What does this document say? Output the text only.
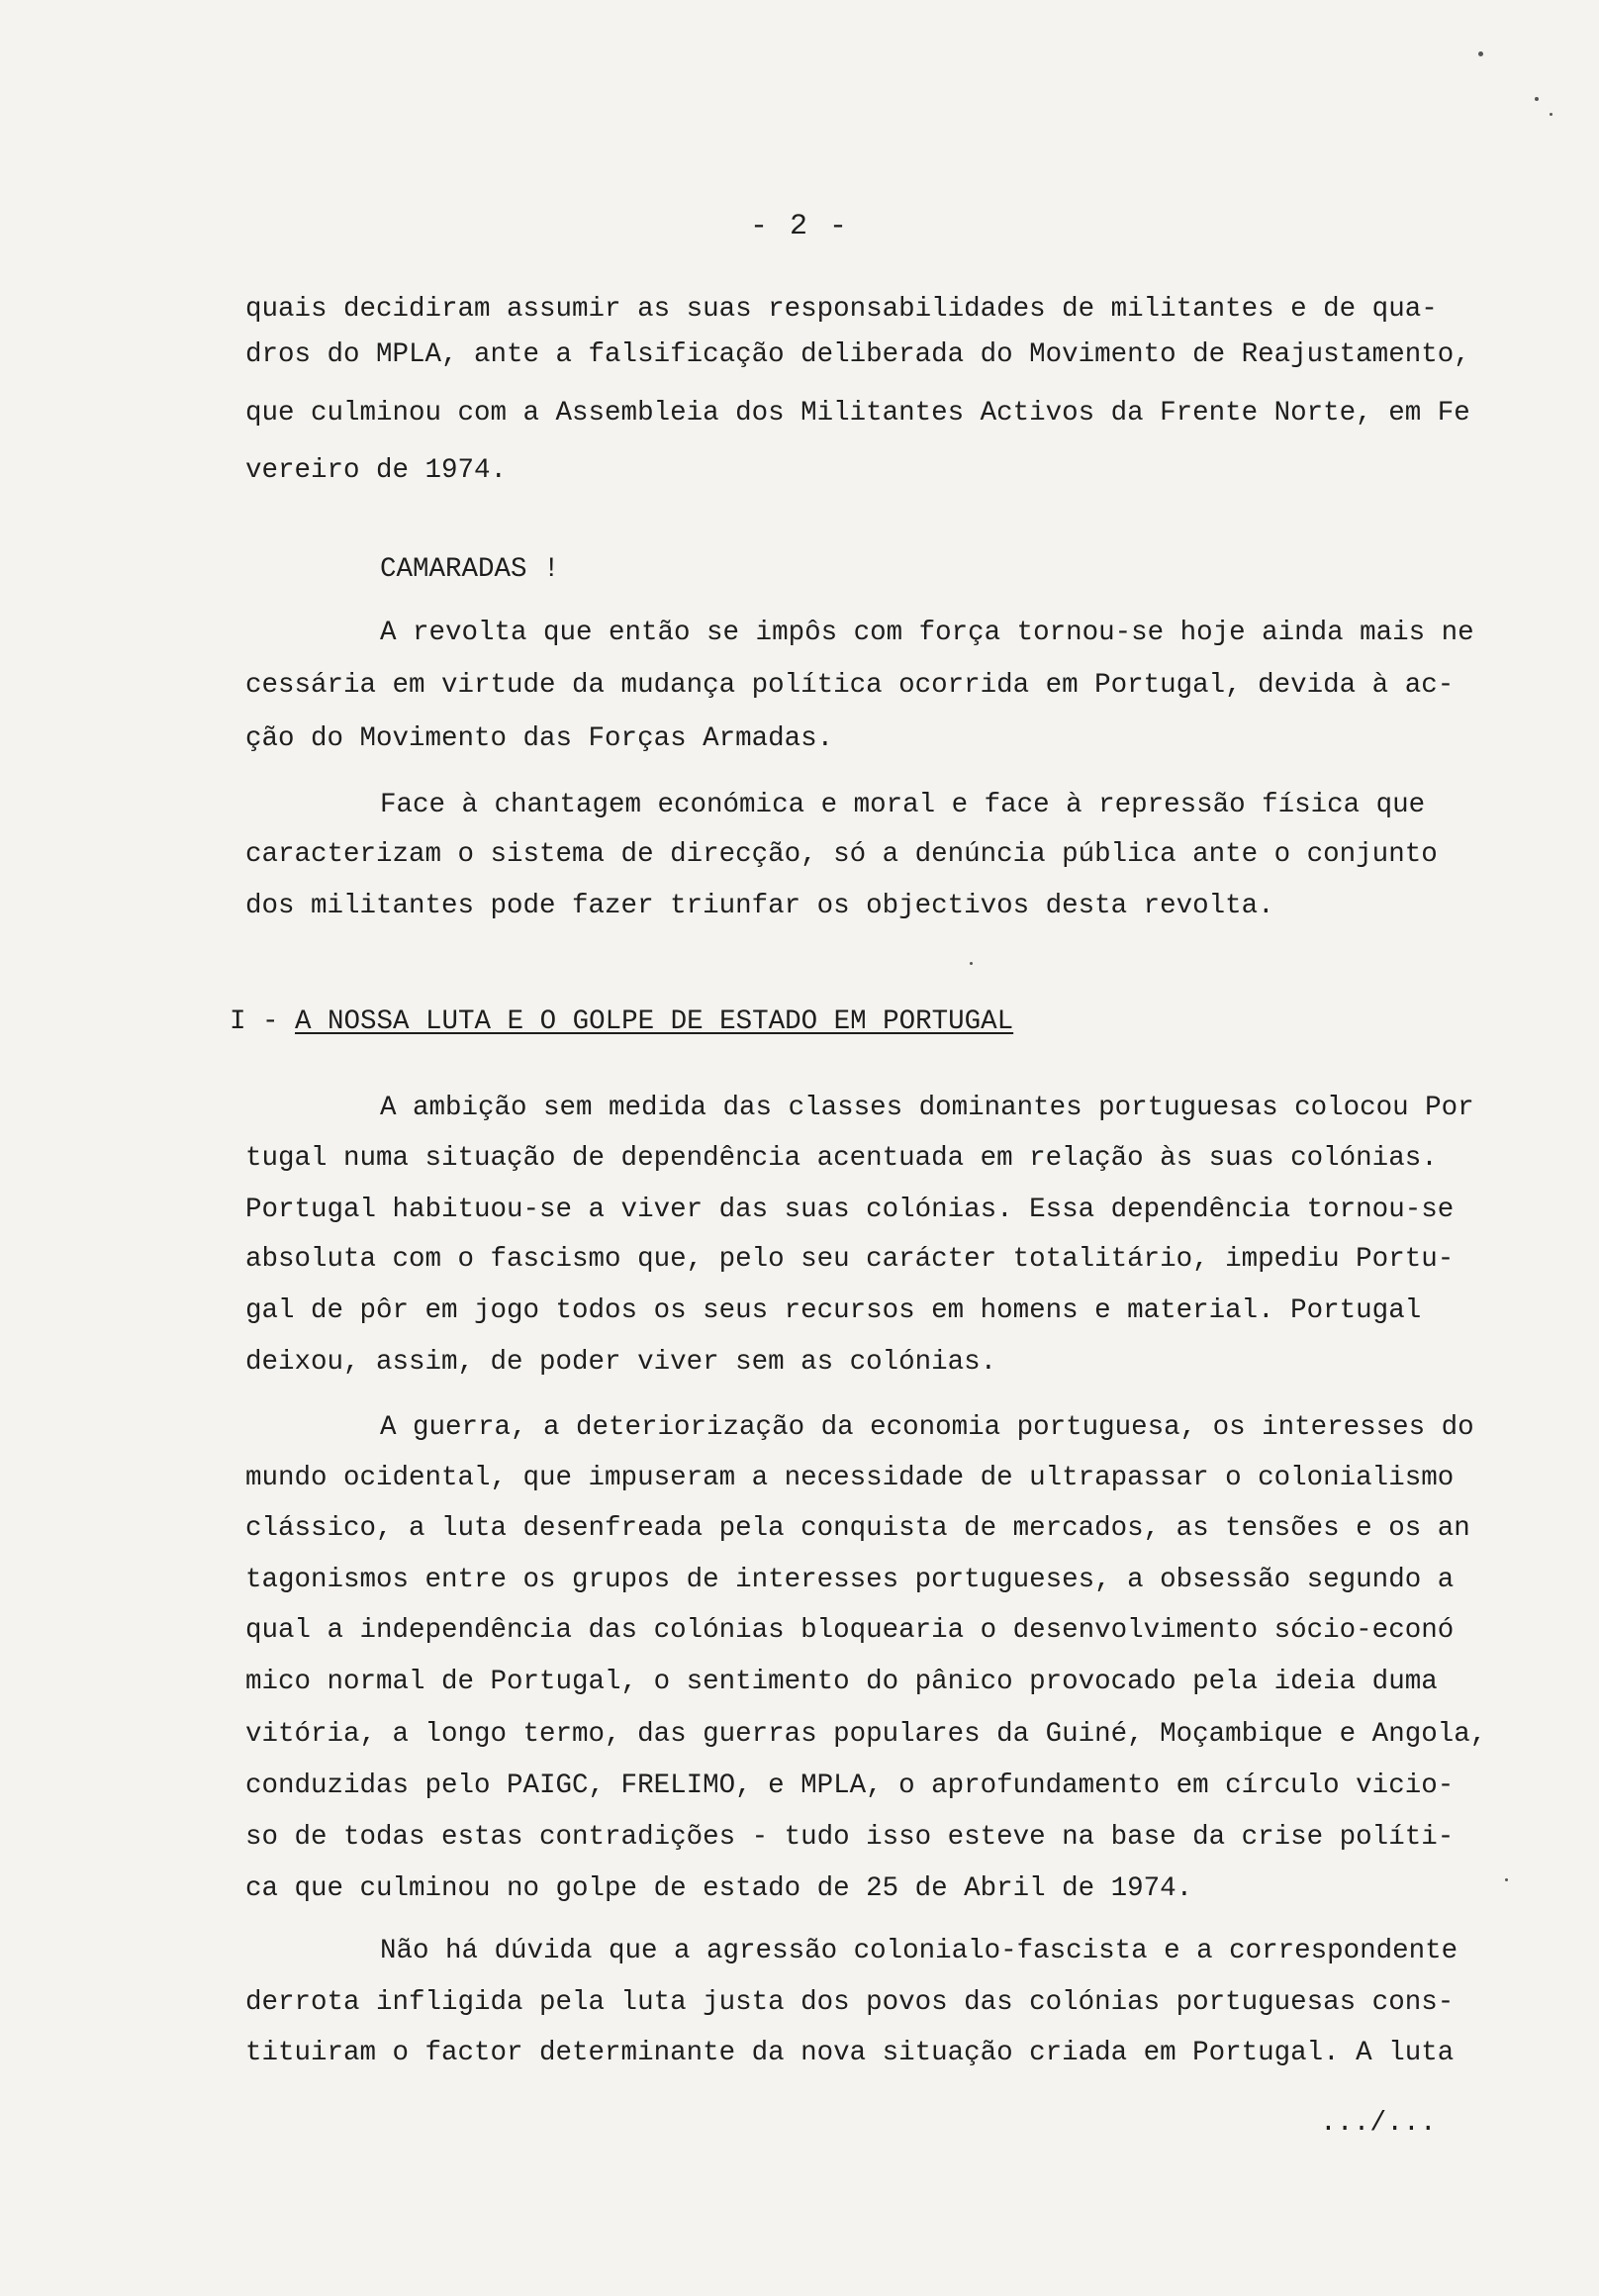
- 2 -
quais decidiram assumir as suas responsabilidades de militantes e de qua-
dros do MPLA, ante a falsificação deliberada do Movimento de Reajustamento,
que culminou com a Assembleia dos Militantes Activos da Frente Norte, em Fe
vereiro de 1974.
CAMARADAS !
A revolta que então se impôs com força tornou-se hoje ainda mais ne
cessária em virtude da mudança política ocorrida em Portugal, devida à ac-
ção do Movimento das Forças Armadas.
Face à chantagem económica e moral e face à repressão física que
caracterizam o sistema de direcção, só a denúncia pública ante o conjunto
dos militantes pode fazer triunfar os objectivos desta revolta.
I - A NOSSA LUTA E O GOLPE DE ESTADO EM PORTUGAL
A ambição sem medida das classes dominantes portuguesas colocou Por
tugal numa situação de dependência acentuada em relação às suas colónias.
Portugal habituou-se a viver das suas colónias. Essa dependência tornou-se
absoluta com o fascismo que, pelo seu carácter totalitário, impediu Portu-
gal de pôr em jogo todos os seus recursos em homens e material. Portugal
deixou, assim, de poder viver sem as colónias.
A guerra, a deteriorização da economia portuguesa, os interesses do
mundo ocidental, que impuseram a necessidade de ultrapassar o colonialismo
clássico, a luta desenfreada pela conquista de mercados, as tensões e os an
tagonismos entre os grupos de interesses portugueses, a obsessão segundo a
qual a independência das colónias bloquearia o desenvolvimento sócio-econó
mico normal de Portugal, o sentimento do pânico provocado pela ideia duma
vitória, a longo termo, das guerras populares da Guiné, Moçambique e Angola,
conduzidas pelo PAIGC, FRELIMO, e MPLA, o aprofundamento em círculo vicio-
so de todas estas contradições - tudo isso esteve na base da crise políti-
ca que culminou no golpe de estado de 25 de Abril de 1974.
Não há dúvida que a agressão colonialo-fascista e a correspondente
derrota infligida pela luta justa dos povos das colónias portuguesas cons-
tituiram o factor determinante da nova situação criada em Portugal. A luta
.../...
